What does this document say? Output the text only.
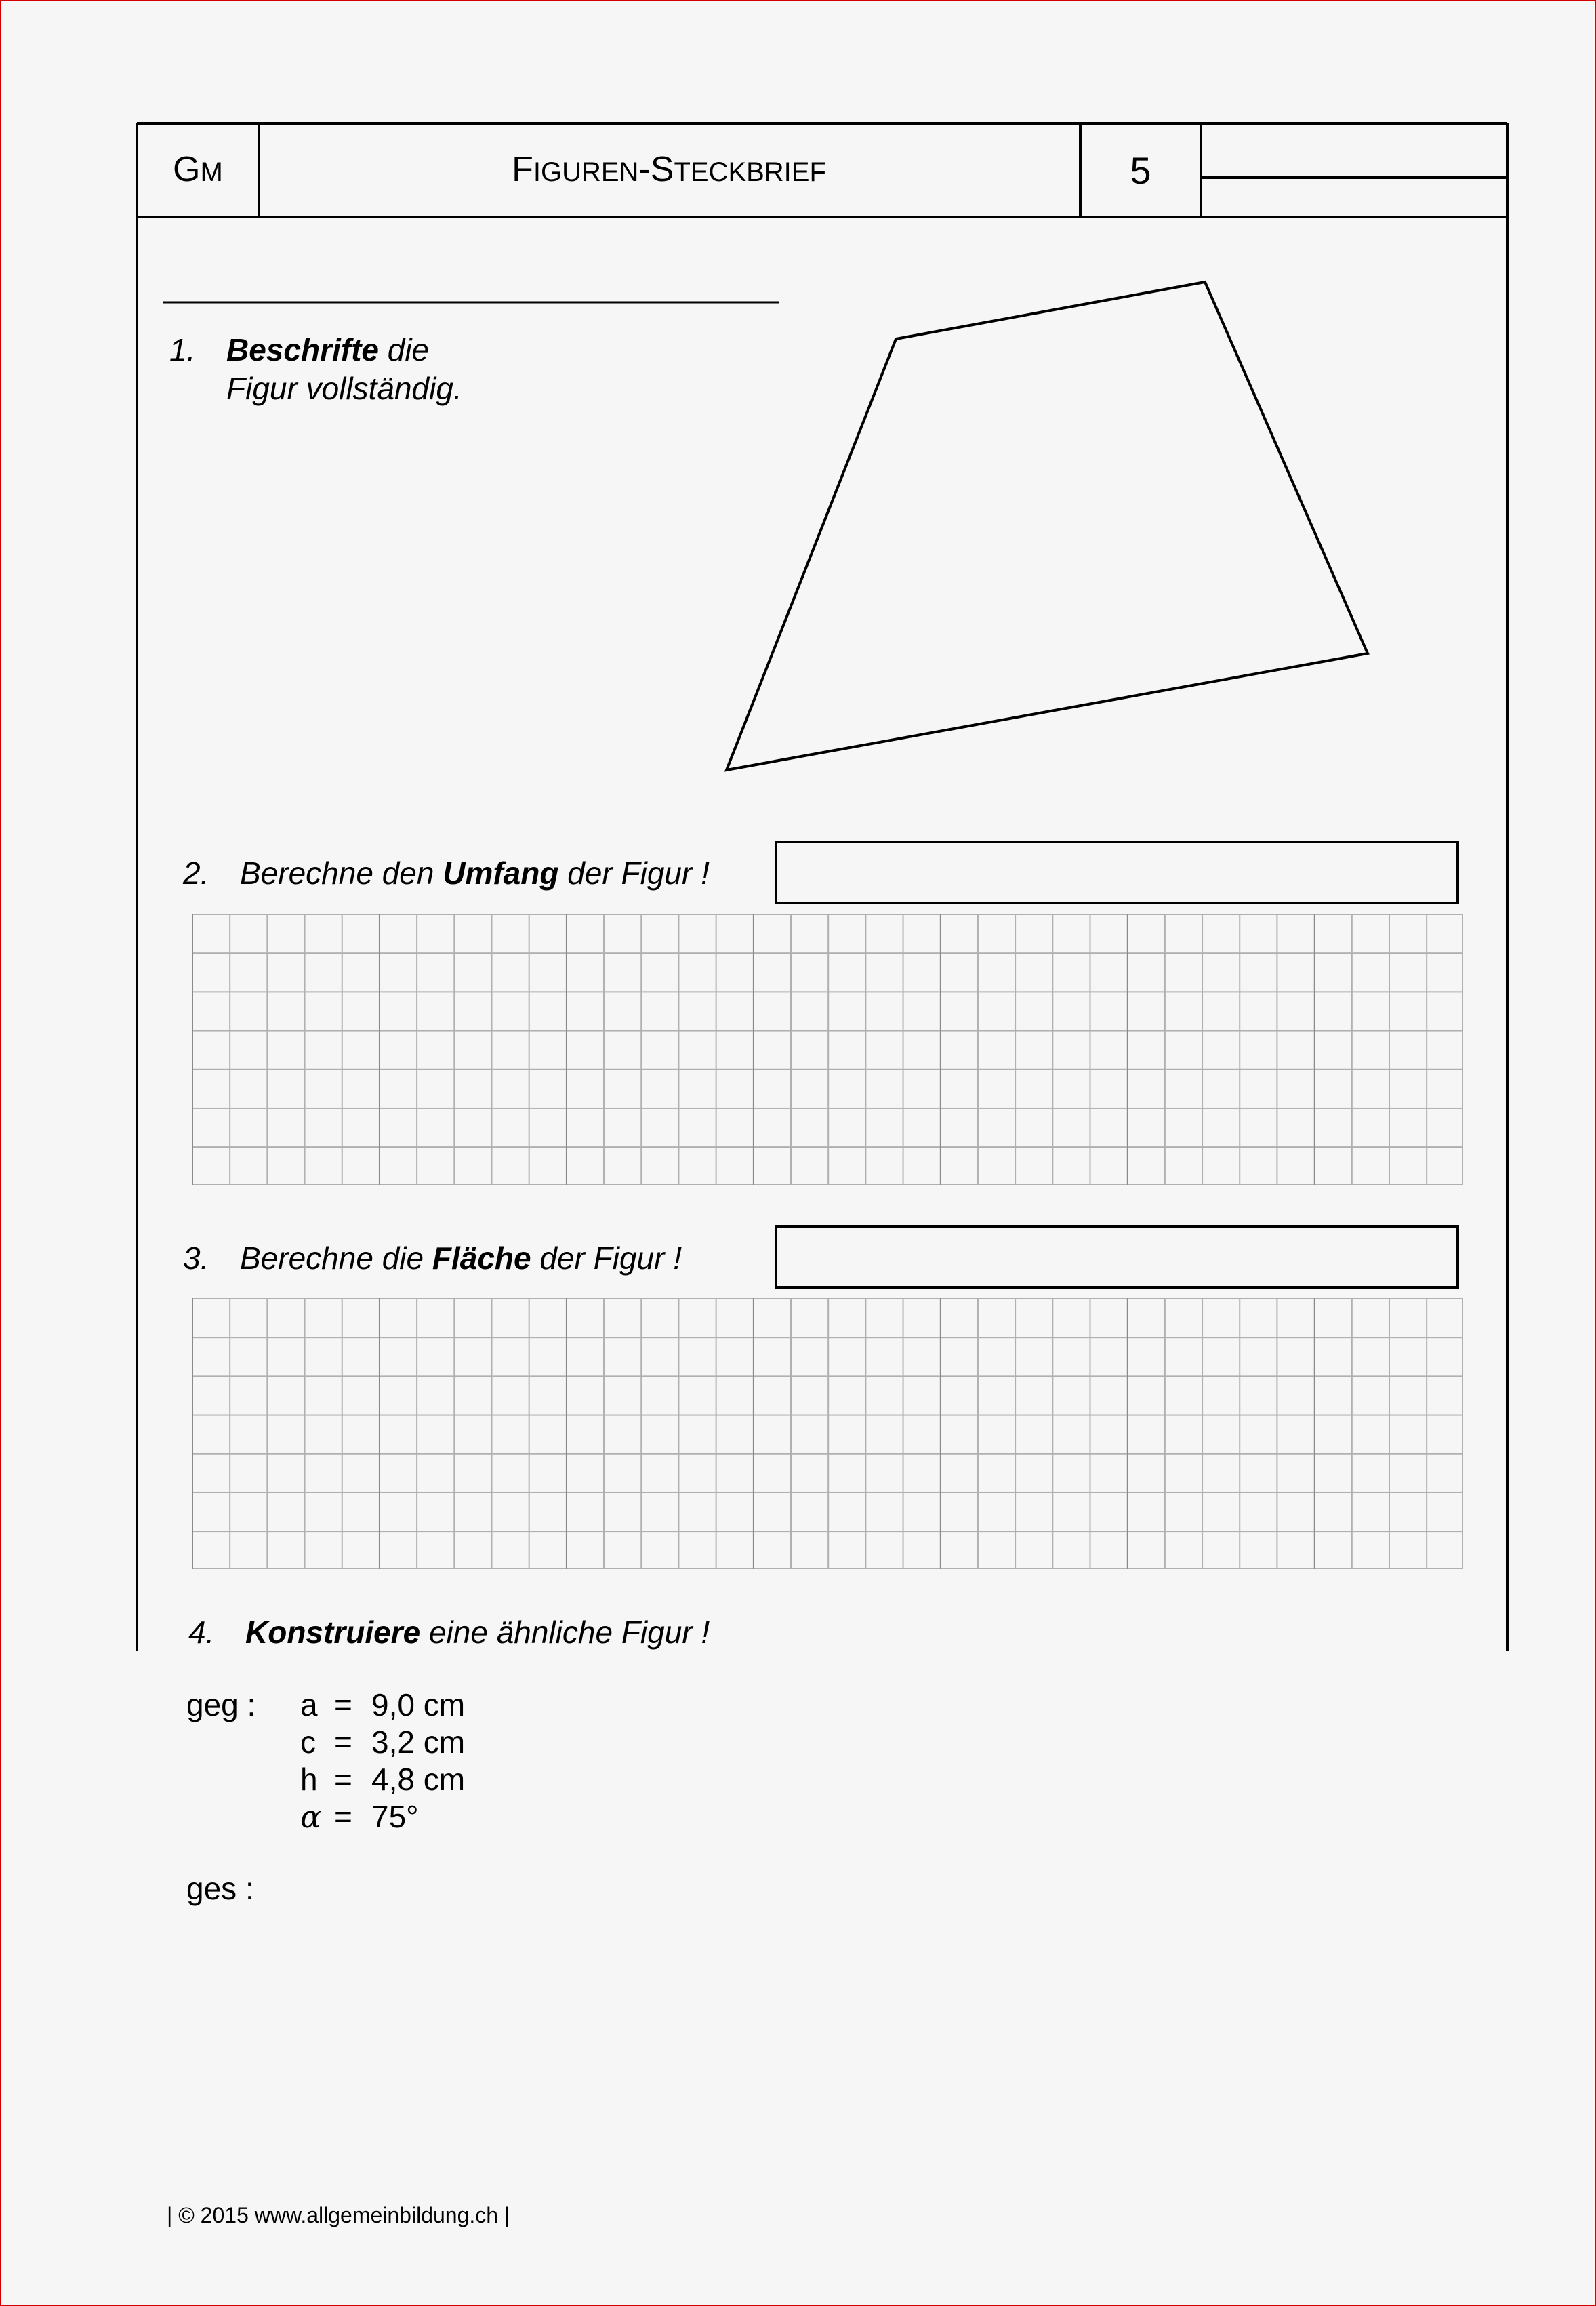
GM	FIGUREN-STECKBRIEF	5
1. Beschrifte die
Figur vollständig.
2. Berechne den Umfang der Figur !
3. Berechne die Fläche der Figur !
4. Konstruiere eine ähnliche Figur !
geg : a = 9,0 cm
c = 3,2 cm
h = 4,8 cm
α = 75°
ges :
| © 2015 www.allgemeinbildung.ch |
